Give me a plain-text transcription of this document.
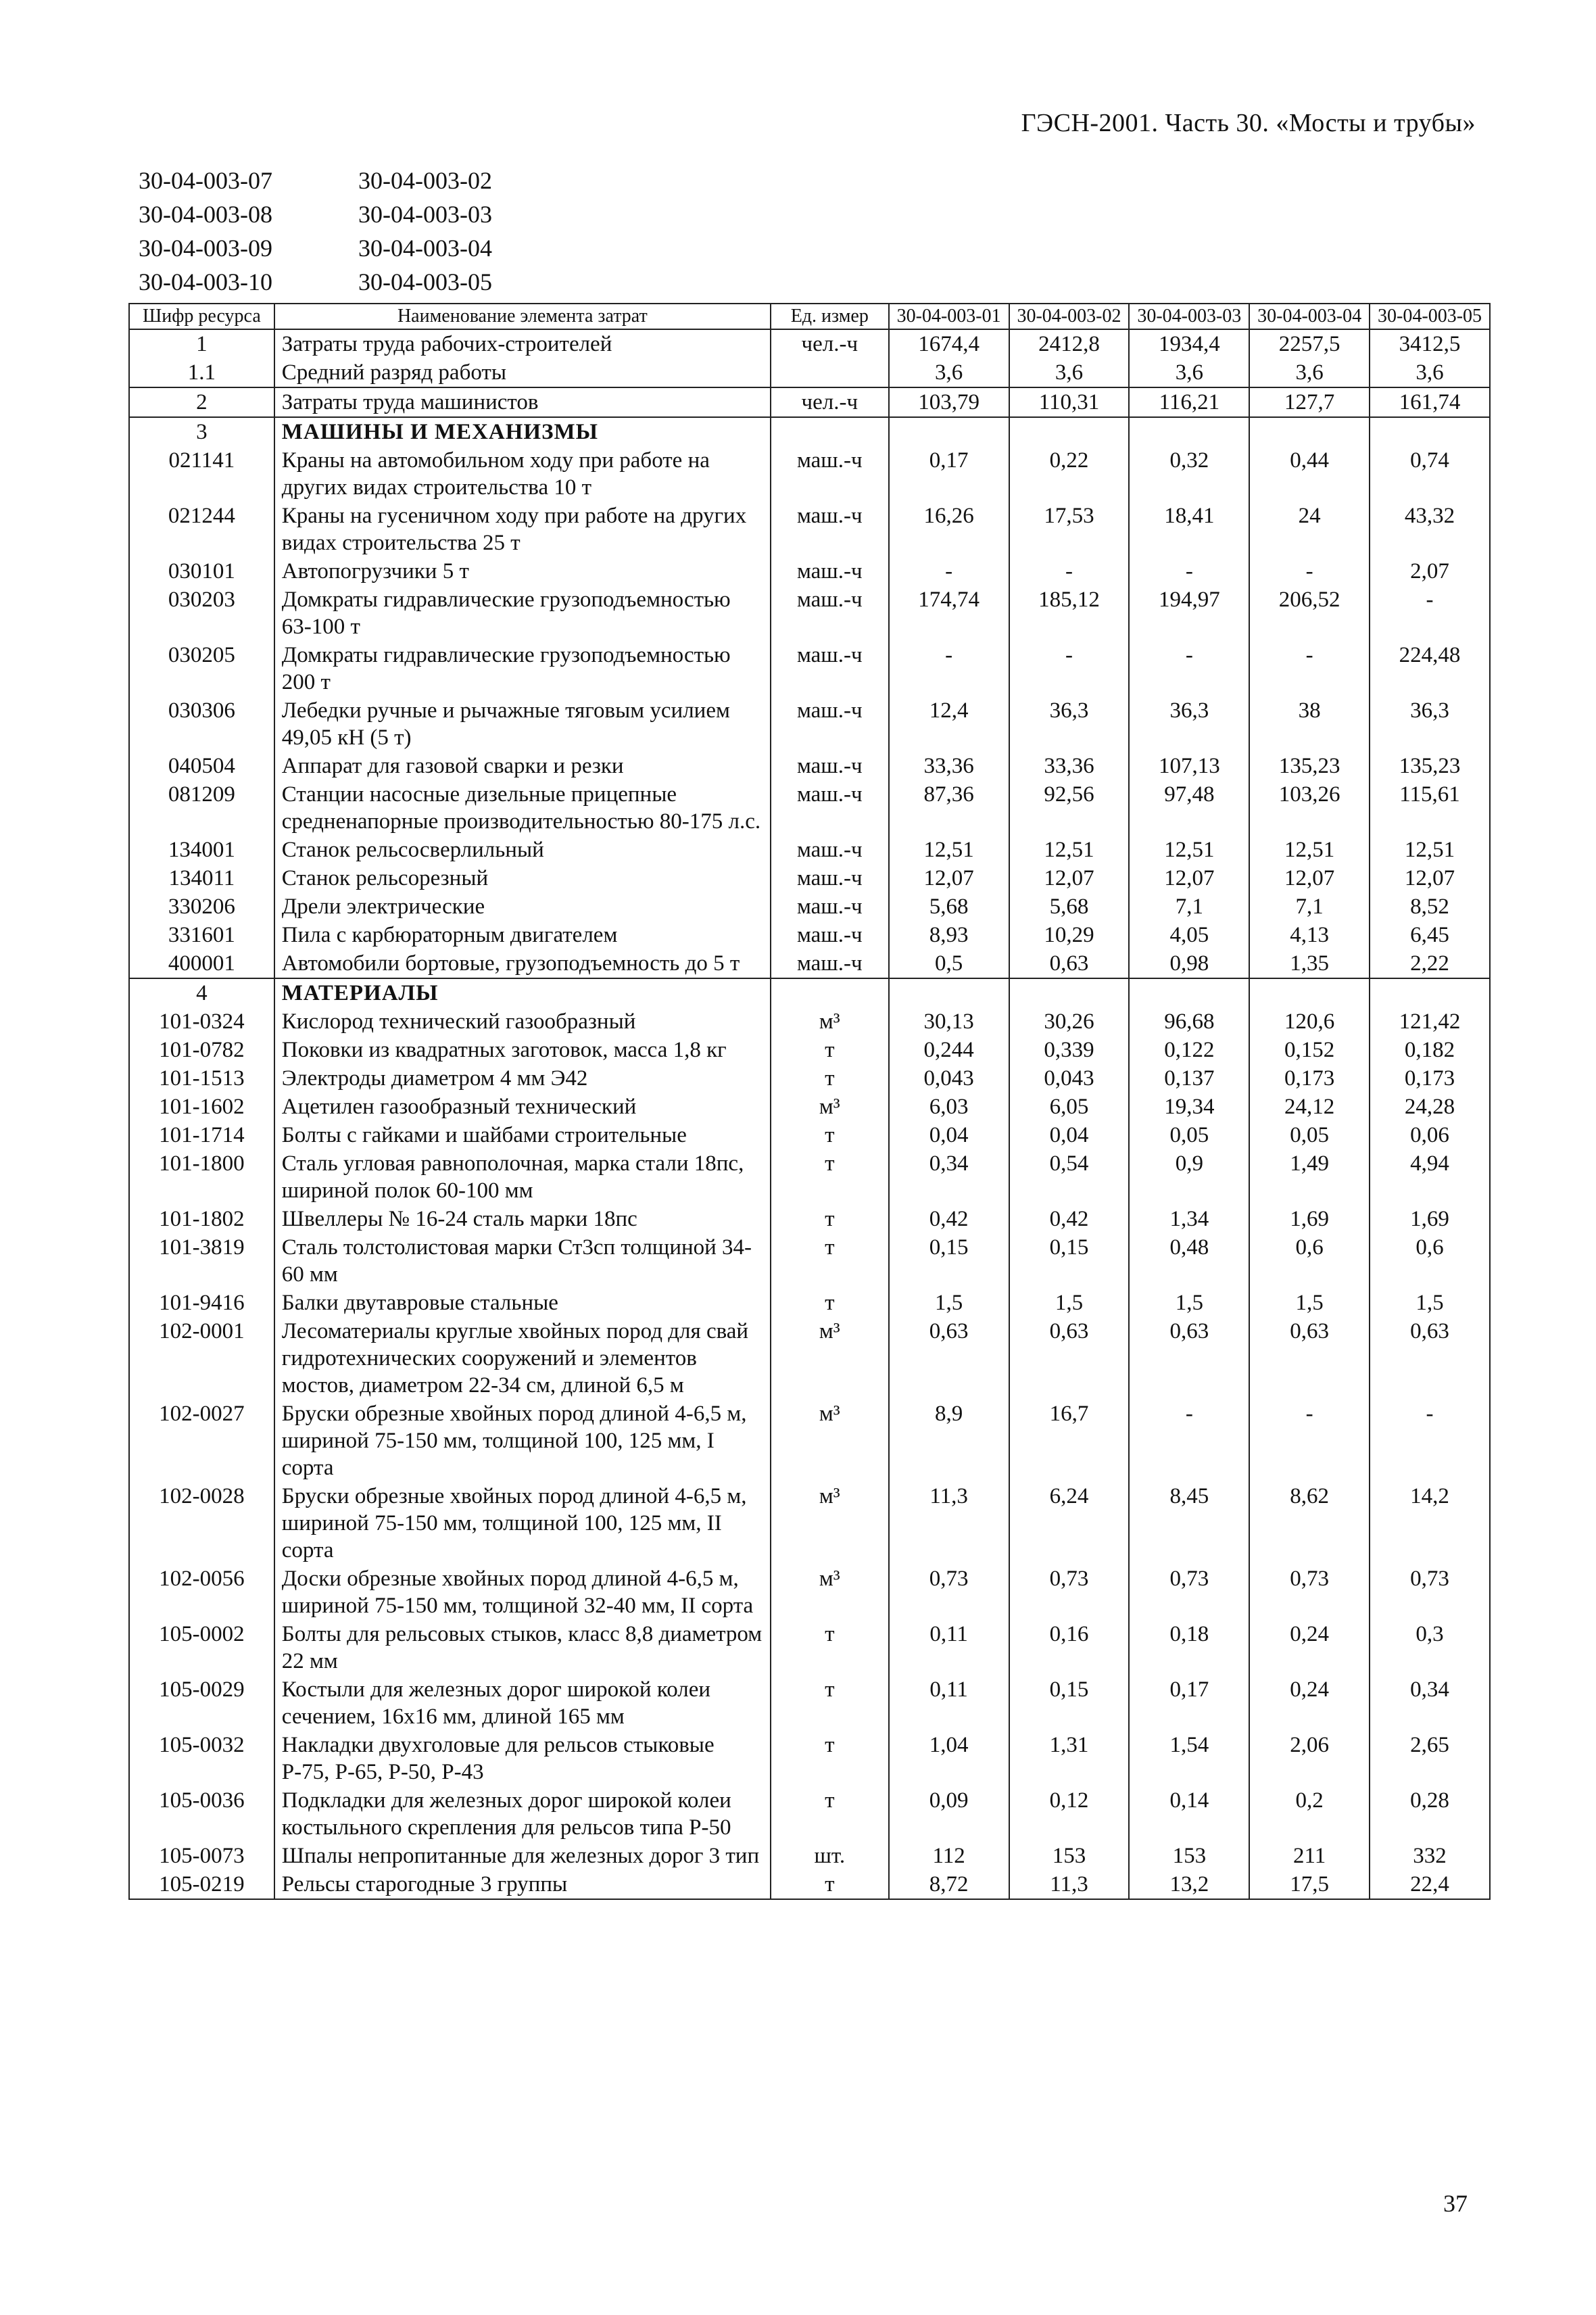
ГЭСН-2001. Часть 30. «Мосты и трубы»
30-04-003-07	30-04-003-02
30-04-003-08	30-04-003-03
30-04-003-09	30-04-003-04
30-04-003-10	30-04-003-05
Шифр ресурса	Наименование элемента затрат	Ед. измер	30-04-003-01	30-04-003-02	30-04-003-03	30-04-003-04	30-04-003-05
1	Затраты труда рабочих-строителей	чел.-ч	1674,4	2412,8	1934,4	2257,5	3412,5
1.1	Средний разряд работы		3,6	3,6	3,6	3,6	3,6
2	Затраты труда машинистов	чел.-ч	103,79	110,31	116,21	127,7	161,74
3	МАШИНЫ И МЕХАНИЗМЫ						
021141	Краны на автомобильном ходу при работе на других видах строительства 10 т	маш.-ч	0,17	0,22	0,32	0,44	0,74
021244	Краны на гусеничном ходу при работе на других видах строительства 25 т	маш.-ч	16,26	17,53	18,41	24	43,32
030101	Автопогрузчики 5 т	маш.-ч	-	-	-	-	2,07
030203	Домкраты гидравлические грузоподъемностью 63-100 т	маш.-ч	174,74	185,12	194,97	206,52	-
030205	Домкраты гидравлические грузоподъемностью 200 т	маш.-ч	-	-	-	-	224,48
030306	Лебедки ручные и рычажные тяговым усилием 49,05 кН (5 т)	маш.-ч	12,4	36,3	36,3	38	36,3
040504	Аппарат для газовой сварки и резки	маш.-ч	33,36	33,36	107,13	135,23	135,23
081209	Станции насосные дизельные прицепные средненапорные производительностью 80-175 л.с.	маш.-ч	87,36	92,56	97,48	103,26	115,61
134001	Станок рельсосверлильный	маш.-ч	12,51	12,51	12,51	12,51	12,51
134011	Станок рельсорезный	маш.-ч	12,07	12,07	12,07	12,07	12,07
330206	Дрели электрические	маш.-ч	5,68	5,68	7,1	7,1	8,52
331601	Пила с карбюраторным двигателем	маш.-ч	8,93	10,29	4,05	4,13	6,45
400001	Автомобили бортовые, грузоподъемность до 5 т	маш.-ч	0,5	0,63	0,98	1,35	2,22
4	МАТЕРИАЛЫ						
101-0324	Кислород технический газообразный	м³	30,13	30,26	96,68	120,6	121,42
101-0782	Поковки из квадратных заготовок, масса 1,8 кг	т	0,244	0,339	0,122	0,152	0,182
101-1513	Электроды диаметром 4 мм Э42	т	0,043	0,043	0,137	0,173	0,173
101-1602	Ацетилен газообразный технический	м³	6,03	6,05	19,34	24,12	24,28
101-1714	Болты с гайками и шайбами строительные	т	0,04	0,04	0,05	0,05	0,06
101-1800	Сталь угловая равнополочная, марка стали 18пс, шириной полок 60-100 мм	т	0,34	0,54	0,9	1,49	4,94
101-1802	Швеллеры № 16-24 сталь марки 18пс	т	0,42	0,42	1,34	1,69	1,69
101-3819	Сталь толстолистовая марки Ст3сп толщиной 34-60 мм	т	0,15	0,15	0,48	0,6	0,6
101-9416	Балки двутавровые стальные	т	1,5	1,5	1,5	1,5	1,5
102-0001	Лесоматериалы круглые хвойных пород для свай гидротехнических сооружений и элементов мостов, диаметром 22-34 см, длиной 6,5 м	м³	0,63	0,63	0,63	0,63	0,63
102-0027	Бруски обрезные хвойных пород длиной 4-6,5 м, шириной 75-150 мм, толщиной 100, 125 мм, I сорта	м³	8,9	16,7	-	-	-
102-0028	Бруски обрезные хвойных пород длиной 4-6,5 м, шириной 75-150 мм, толщиной 100, 125 мм, II сорта	м³	11,3	6,24	8,45	8,62	14,2
102-0056	Доски обрезные хвойных пород длиной 4-6,5 м, шириной 75-150 мм, толщиной 32-40 мм, II сорта	м³	0,73	0,73	0,73	0,73	0,73
105-0002	Болты для рельсовых стыков, класс 8,8 диаметром 22 мм	т	0,11	0,16	0,18	0,24	0,3
105-0029	Костыли для железных дорог широкой колеи сечением, 16х16 мм, длиной 165 мм	т	0,11	0,15	0,17	0,24	0,34
105-0032	Накладки двухголовые для рельсов стыковые Р-75, Р-65, Р-50, Р-43	т	1,04	1,31	1,54	2,06	2,65
105-0036	Подкладки для железных дорог широкой колеи костыльного скрепления для рельсов типа Р-50	т	0,09	0,12	0,14	0,2	0,28
105-0073	Шпалы непропитанные для железных дорог 3 тип	шт.	112	153	153	211	332
105-0219	Рельсы старогодные 3 группы	т	8,72	11,3	13,2	17,5	22,4
37
